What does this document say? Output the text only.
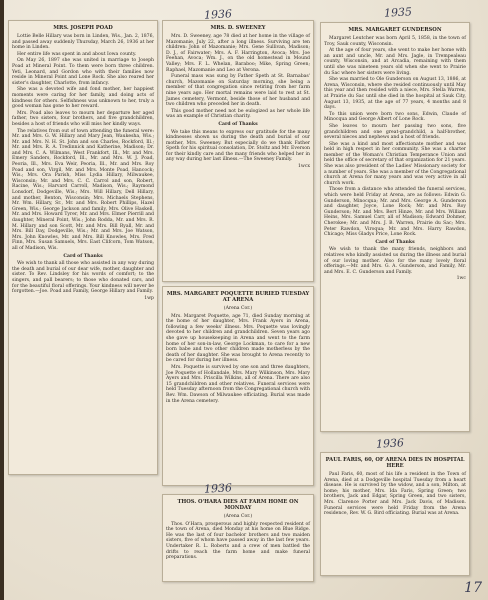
MRS. JOSEPH POAD

Lottie Belle Hillary was born in Linden, Wis., Jan. 2, 1876, and passed away suddenly Thursday, March 26, 1936 at her home in Linden.

Her entire life was spent in and about Iowa county.

On May 26, 1897 she was united in marriage to Joseph Poad at Mineral Point. To them were born three children. Yeti, Leonard, and Gordon who with their families now reside in Mineral Point and Lone Rock. She also reared her sister's daughter, Charlotte, from infancy.

She was a devoted wife and fond mother, her happiest moments were caring for her family, and doing acts of kindness for others. Selfishness was unknown to her, truly a good woman has gone to her reward.

Mrs. Poad also leaves to mourn her departure her aged father, two sisters, four brothers, and five grandchildren, besides a host of friends who will miss her kindly ways.

The relatives from out of town attending the funeral were: Mr. and Mrs. G. W. Hillary and Mary Jean, Waukesha, Wis.; Mr. and Mrs. N. H. St. John and son Charles, Rockford, Ill.; Mr. and Mrs. R. A. Tredinnick and Katherine, Madison; Dr. and Mrs. C. A. Wilmans, West Frankfort, Ill., Mr. and Mrs. Emery Sanders, Rockford, Ill., Mr. and Mrs. W. J. Poad, Peoria, Ill., Mrs. Eva Weir, Peoria, Ill., Mr. and Mrs. Roy Poad and son, Virgil, Mr. and Mrs. Monte Poad, Hancock; Wis.; Mrs. Ora Parish, Miss Lydia Hillary, Milwaukee, Wisconsin; Mr. and Mrs. C. C. Carrol and son, Robert, Racine, Wis.; Harvard Carroll, Madison, Wis.; Raymond Lonsdorf, Dodgeville, Wis.; Mrs. Will Hillary, Dell Hillary, and mother, Benton, Wisconsin; Mrs. Michaels Stephens, Mr. Wm. Hillary, Sr., Mr. and Mrs. Robert Phillips, Hazel Green, Wis.; George Jackson and family, Mrs. Olive Haskell, Mr. and Mrs. Howard Tyrer, Mr. and Mrs. Elmer Pierrill and daughter, Mineral Point, Wis.; John Rodda, Mr. and Mrs. R. M. Hillary and son Scott, Mr. and Mrs. Bill Ryall, Mr. and Mrs. Bill Day, Dodgeville, Wis.; Mr. and Mrs. Joe Watson, Mrs. John Knowles, Mr. and Mrs. Bill Knowles, Mrs. Fred Finn, Mrs. Susan Samuels, Mrs. East Clifcorn, Tom Watson, all of Madison, Wis.

Card of Thanks

We wish to thank all those who assisted in any way during the death and burial of our dear wife, mother, daughter and sister. To Rev. Lindsley for his words of comfort; to the singers, and pall bearers; to those who donated cars, and for the beautiful floral offerings. Your kindness will never be forgotten.—Joe. Poad and Family, George Hillary and Family.

1wp
MRS. D. SWEENEY

Mrs. D. Sweeney, age 78 died at her home in the village of Mazomanie, July 22, after a long illness. Surviving are ten children: John of Mazomanie; Mrs. Gene Sullivan, Madison; D. J., of Fairwater; Mrs. A. F. Harrington, Avoca; Mrs. Joe Feehan, Avoca; Wm. J., on the old homestead in Mound Valley; Mrs. F. L. Whelan, Baraboo; Mike, Spring Green; Raphael, Mazomanie and Leo at Verona.

Funeral mass was sung by Father Speth at St. Barnabas' church, Mazomanie on Saturday morning, she being a member of that congregation since retiring from her farm nine years ago. Her mortal remains were laid to rest at St. James cemetery, Vermont, beside those of her husband and two children who preceded her in death.

This good mother need not be eulogized as her whole life was an example of Christian charity.

Card of Thanks

We take this means to express our gratitude for the many kindnesses shown us during the death and burial of our mother, Mrs. Sweeney. But especially do we thank Father Speth for his spiritual consolation, Dr. Stoltz and Mr. Everson for their kindly care and the many friends who helped her in any way during her last illness.—The Sweeney Family.

1wcx
MRS. MARGARET POQUETTE BURIED TUESDAY AT ARENA
(Arena Cor.)

Mrs. Margaret Poquette, age 71, died Sunday morning at the home of her daughter, Mrs. Frank Ayers in Arena, following a few weeks' illness. Mrs. Poquette was lovingly devoted to her children and grandchildren. Seven years ago she gave up housekeeping in Arena and went to the farm home of her son-in-law, George Lockman, to care for a new born babe and two other children made motherless by the death of her daughter. She was brought to Arena recently to be cared for during her illness.

Mrs. Poquette is survived by one son and three daughters, Joe Poquette of Hollandale, Mrs. Mary Wilkinson, Mrs. Mary Ayers and Mrs. Priscilla Wilkins, all of Arena. There are also 15 grandchildren and other relatives. Funeral services were held Tuesday afternoon from the Congregational church with Rev. Wm. Dawson of Milwaukee officiating. Burial was made in the Arena cemetery.

THOS. O'HARA DIES AT FARM HOME ON MONDAY
(Arena Cor.)

Thos. O'Hara, prosperous and highly respected resident of the town of Arena, died Monday at his home on Blue Ridge. He was the last of four bachelor brothers and two maiden sisters, five of whom have passed away in the last few years. Undertaker R. L. Roberts and a crew of men battled the drifts to reach the farm home and make funeral preparations.

MRS. MARGARET GUNDERSON

Margaret Leutcher was born April 5, 1858, in the town of Troy, Sauk county, Wisconsin.

At the age of four years, she went to make her home with an aunt and uncle, Mr. and Mrs. Jagle, in Trempealeau county, Wisconsin, and at Arcadia, remaining with them until she was nineteen years old when she went to Prairie du Sac where her sisters were living.

She was married to Ole Gunderson on August 13, 1886, at Arena, Wisconsin, where she resided continuously until May this year and then resided with a niece, Mrs. Stella Warren, at Prairie du Sac until she died in the hospital at Sauk City, August 13, 1935, at the age of 77 years, 4 months and 8 days.

To this union were born two sons, Edwin, Claude of Minocqua and George Albert of Lone Rock.

She leaves to mourn her passing two sons, five grandchildren and one great-grandchild, a half-brother, several nieces and nephews and a host of friends.

She was a kind and most affectionate mother and was held in high respect in her community. She was a charter member of the Woman's Christian Temperance Union and held the office of secretary of that organization for 21 years. She was also president of the Ladies' Missionary society for a number of years. She was a member of the Congregational church at Arena for many years and was very active in all church work.

Those from a distance who attended the funeral services, which were held Friday at Arena, are as follows: Edwin G. Gunderson, Minocqua; Mr. and Mrs. George A. Gunderson and daughter, Joyce, Lone Rock; Mr. and Mrs. Roy Gunderson; Mr. and Mrs. Bert Hinze, Mr. and Mrs. William Heins, Mrs. Samuel Carr, all of Madison; Edward Dohmer, Cherokee; Mr. and Mrs. J. B. Warren, Prairie du Sac; Mrs. Peter Rawdon, Viroqua; Mr. and Mrs. Harry Rawdon, Chicago; Miss Gladys Price, Lone Rock.

Card of Thanks

We wish to thank the many friends, neighbors and relatives who kindly assisted us during the illness and burial of our loving mother. Also for the many lovely floral offerings.—Mr. and Mrs. G. A. Gunderson, and Family, Mr. and Mrs. E. C. Gunderson and Family.

1wc
PAUL FARIS, 60, OF ARENA DIES IN HOSPITAL HERE

Paul Faris, 60, most of his life a resident in the Town of Arena, died at a Dodgeville hospital Tuesday from a heart disease. He is survived by the widow, and a son, Milton, at home; his mother, Mrs. Ida Faris, Spring Green; two brothers, Jack and Edgar, Spring Green, and two sisters, Mrs. Clarence Porter and Mrs. Jack Davis, of Madison. Funeral services were held Friday from the Arena residence, Rev. W. G. Bird officiating. Burial was at Arena.

1936	1935
1936
1936
17
